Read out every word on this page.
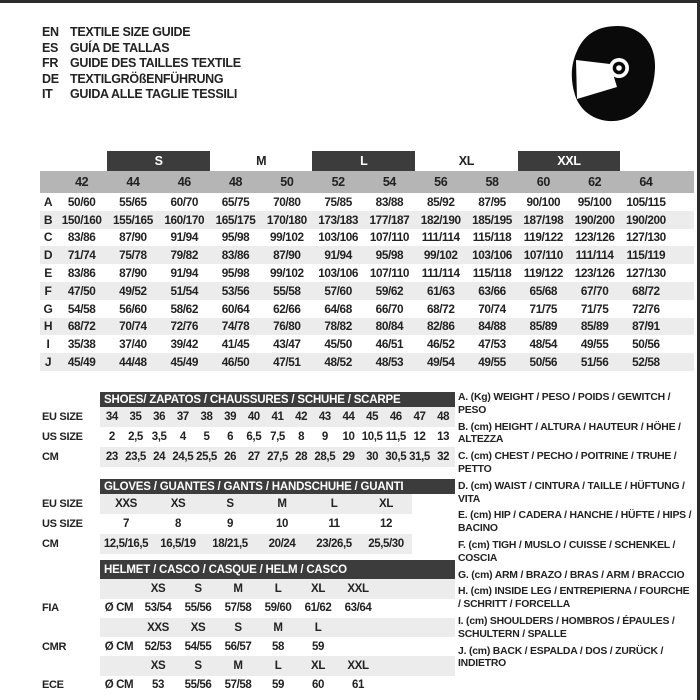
EN TEXTILE SIZE GUIDE
ES GUÍA DE TALLAS
FR GUIDE DES TAILLES TEXTILE
DE TEXTILGRÖßENFÜHRUNG
IT	GUIDA ALLE TAGLIE TESSILI
S	M	L	XL	XXL
42	44	46	48	50	52	54	56	58	60	62	64
A	50/60	55/65	60/70	65/75	70/80	75/85	83/88	85/92	87/95	90/100	95/100	105/115
B 150/160 155/165 160/170 165/175 170/180 173/183 177/187 182/190 185/195 187/198 190/200 190/200
C	83/86	87/90	91/94	95/98	99/102	103/106 107/110	111/114	115/118	119/122 123/126 127/130
D	71/74	75/78	79/82	83/86	87/90	91/94	95/98	99/102	103/106 107/110	111/114	115/119
E	83/86	87/90	91/94	95/98	99/102	103/106 107/110	111/114	115/118	119/122 123/126 127/130
F	47/50	49/52	51/54	53/56	55/58	57/60	59/62	61/63	63/66	65/68	67/70	68/72
G	54/58	56/60	58/62	60/64	62/66	64/68	66/70	68/72	70/74	71/75	71/75	72/76
H	68/72	70/74	72/76	74/78	76/80	78/82	80/84	82/86	84/88	85/89	85/89	87/91
I	35/38	37/40	39/42	41/45	43/47	45/50	46/51	46/52	47/53	48/54	49/55	50/56
J	45/49	44/48	45/49	46/50	47/51	48/52	48/53	49/54	49/55	50/56	51/56	52/58
SHOES/ ZAPATOS / CHAUSSURES / SCHUHE / SCARPE
EU SIZE	34	35	36	37	38	39	40	41	42	43	44	45	46	47	48
US SIZE	2	2,5 3,5	4	5	6	6,5 7,5	8	9	10 10,5 11,5 12	13
CM	23 23,5 24 24,5 25,5 26	27 27,5 28 28,5 29	30 30,5 31,5 32
GLOVES / GUANTES / GANTS / HANDSCHUHE / GUANTI
EU SIZE	XXS	XS	S	M	L	XL
US SIZE	7	8	9	10	11	12
CM	12,5/16,5	16,5/19	18/21,5	20/24	23/26,5	25,5/30
HELMET / CASCO / CASQUE / HELM / CASCO
XS	S	M	L	XL	XXL
FIA	Ø CM 53/54	55/56	57/58	59/60	61/62	63/64
XXS	XS	S	M	L
CMR	Ø CM 52/53	54/55	56/57	58	59
XS	S	M	L	XL	XXL
ECE	Ø CM	53	55/56	57/58	59	60	61
A. (Kg) WEIGHT / PESO / POIDS / GEWITCH / PESO
B. (cm) HEIGHT / ALTURA / HAUTEUR / HÖHE / ALTEZZA
C. (cm) CHEST / PECHO / POITRINE / TRUHE / PETTO
D. (cm) WAIST / CINTURA / TAILLE / HÜFTUNG / VITA
E. (cm) HIP / CADERA / HANCHE / HÜFTE / HIPS / BACINO
F. (cm) TIGH / MUSLO / CUISSE / SCHENKEL / COSCIA
G. (cm) ARM / BRAZO / BRAS / ARM / BRACCIO
H. (cm) INSIDE LEG / ENTREPIERNA / FOURCHE / SCHRITT / FORCELLA
I. (cm) SHOULDERS / HOMBROS / ÉPAULES / SCHULTERN / SPALLE
J. (cm) BACK / ESPALDA / DOS / ZURÜCK / INDIETRO
